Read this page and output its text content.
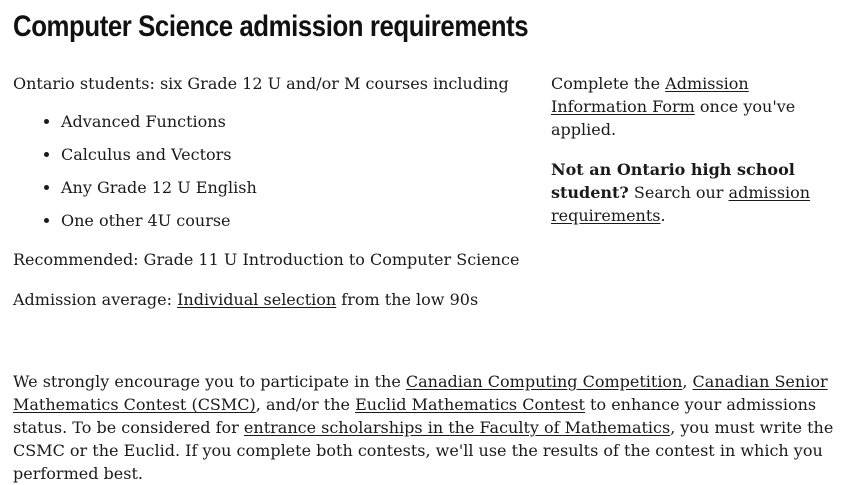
Computer Science admission requirements

Ontario students: six Grade 12 U and/or M courses including

• Advanced Functions
• Calculus and Vectors
• Any Grade 12 U English
• One other 4U course

Recommended: Grade 11 U Introduction to Computer Science

Admission average: Individual selection from the low 90s

Complete the Admission Information Form once you've applied.

Not an Ontario high school student? Search our admission requirements.

We strongly encourage you to participate in the Canadian Computing Competition, Canadian Senior Mathematics Contest (CSMC), and/or the Euclid Mathematics Contest to enhance your admissions status. To be considered for entrance scholarships in the Faculty of Mathematics, you must write the CSMC or the Euclid. If you complete both contests, we'll use the results of the contest in which you performed best.
